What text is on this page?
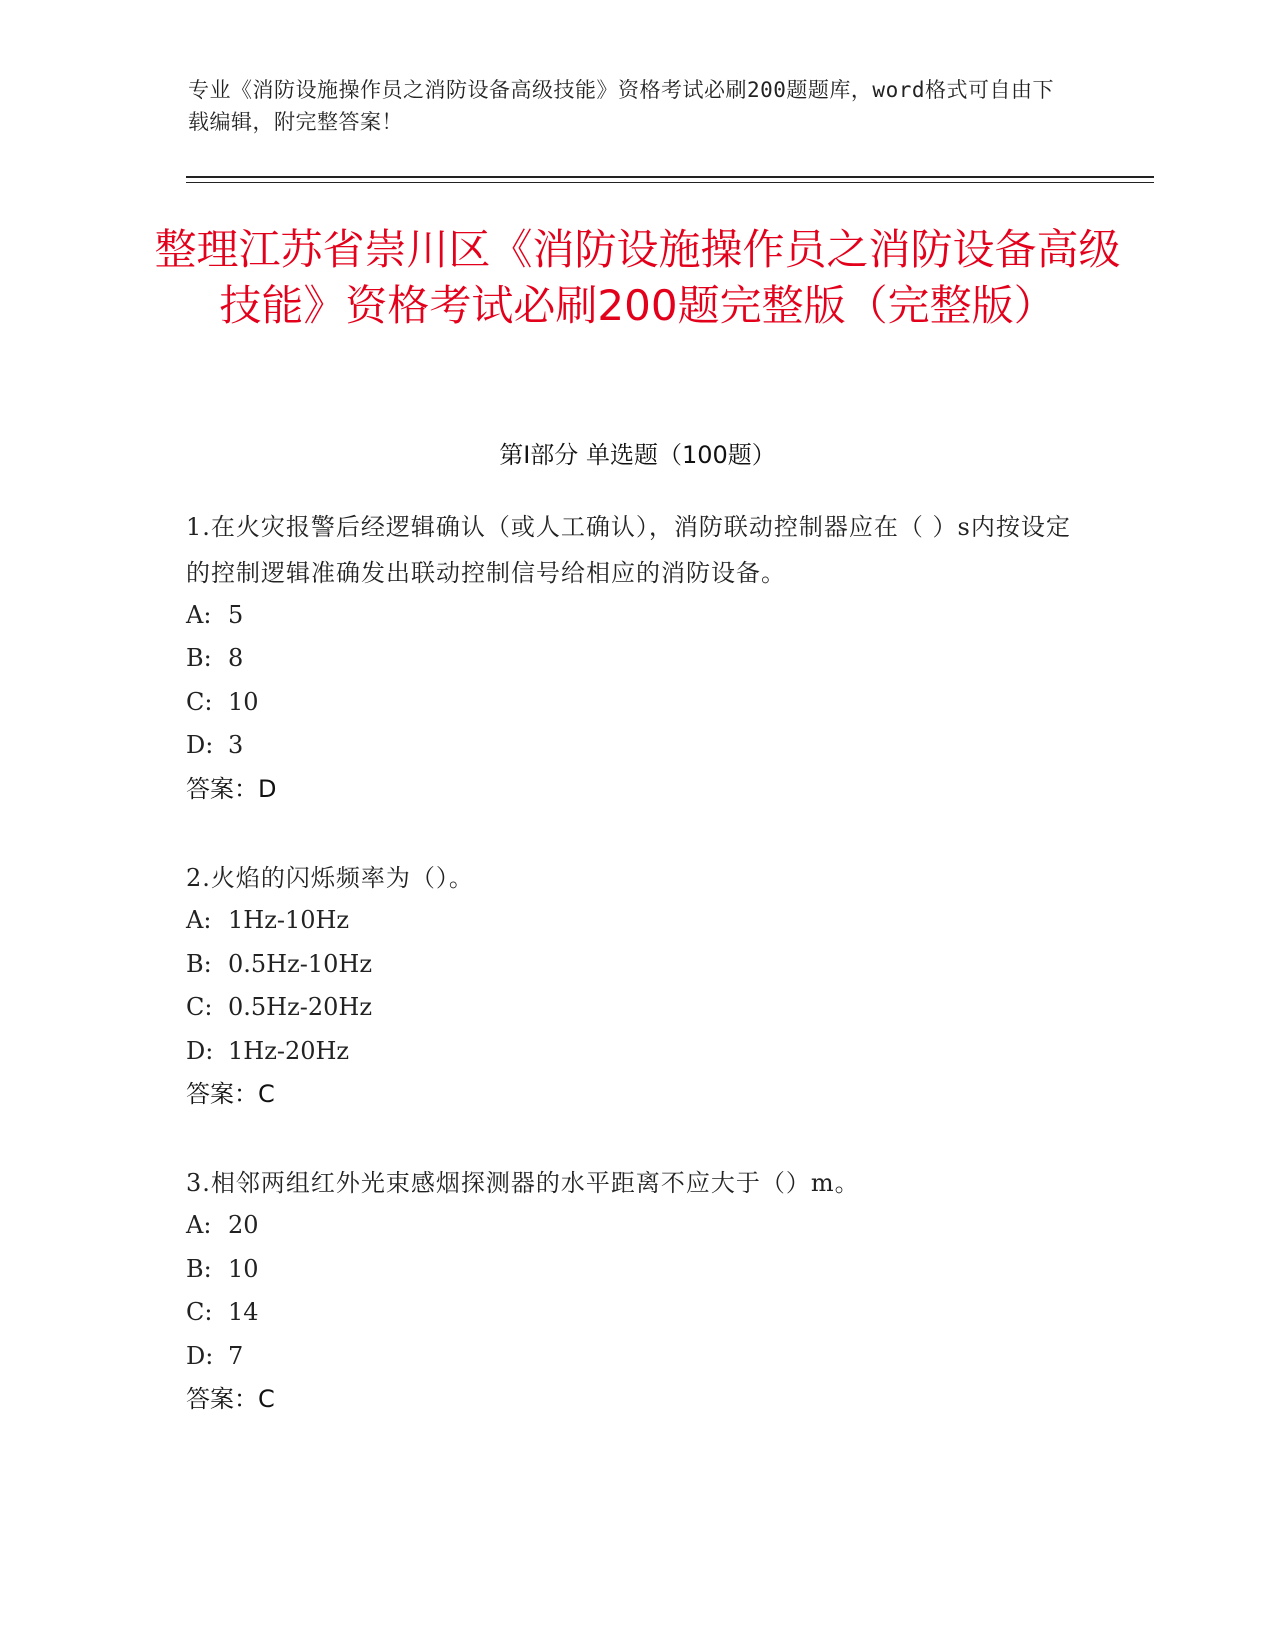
专业《消防设施操作员之消防设备高级技能》资格考试必刷200题题库，word格式可自由下载编辑，附完整答案！
整理江苏省崇川区《消防设施操作员之消防设备高级技能》资格考试必刷200题完整版（完整版）
第Ⅰ部分 单选题（100题）
1.在火灾报警后经逻辑确认（或人工确认），消防联动控制器应在（ ）s内按设定的控制逻辑准确发出联动控制信号给相应的消防设备。
A: 5
B: 8
C: 10
D: 3
答案：D
2.火焰的闪烁频率为（）。
A: 1Hz-10Hz
B: 0.5Hz-10Hz
C: 0.5Hz-20Hz
D: 1Hz-20Hz
答案：C
3.相邻两组红外光束感烟探测器的水平距离不应大于（）m。
A: 20
B: 10
C: 14
D: 7
答案：C
